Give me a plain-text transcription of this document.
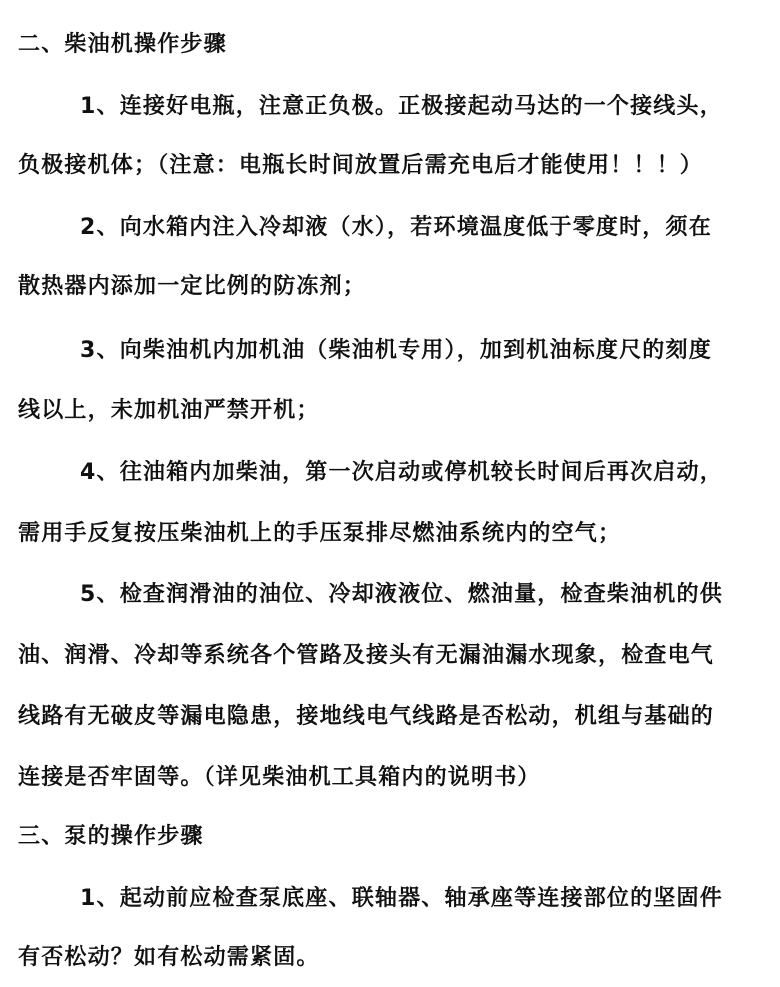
二、柴油机操作步骤
1、连接好电瓶，注意正负极。正极接起动马达的一个接线头，
负极接机体；（注意：电瓶长时间放置后需充电后才能使用！！！）
2、向水箱内注入冷却液（水），若环境温度低于零度时，须在
散热器内添加一定比例的防冻剂；
3、向柴油机内加机油（柴油机专用），加到机油标度尺的刻度
线以上，未加机油严禁开机；
4、往油箱内加柴油，第一次启动或停机较长时间后再次启动，
需用手反复按压柴油机上的手压泵排尽燃油系统内的空气；
5、检查润滑油的油位、冷却液液位、燃油量，检查柴油机的供
油、润滑、冷却等系统各个管路及接头有无漏油漏水现象，检查电气
线路有无破皮等漏电隐患，接地线电气线路是否松动，机组与基础的
连接是否牢固等。（详见柴油机工具箱内的说明书）
三、泵的操作步骤
1、起动前应检查泵底座、联轴器、轴承座等连接部位的坚固件
有否松动？如有松动需紧固。
